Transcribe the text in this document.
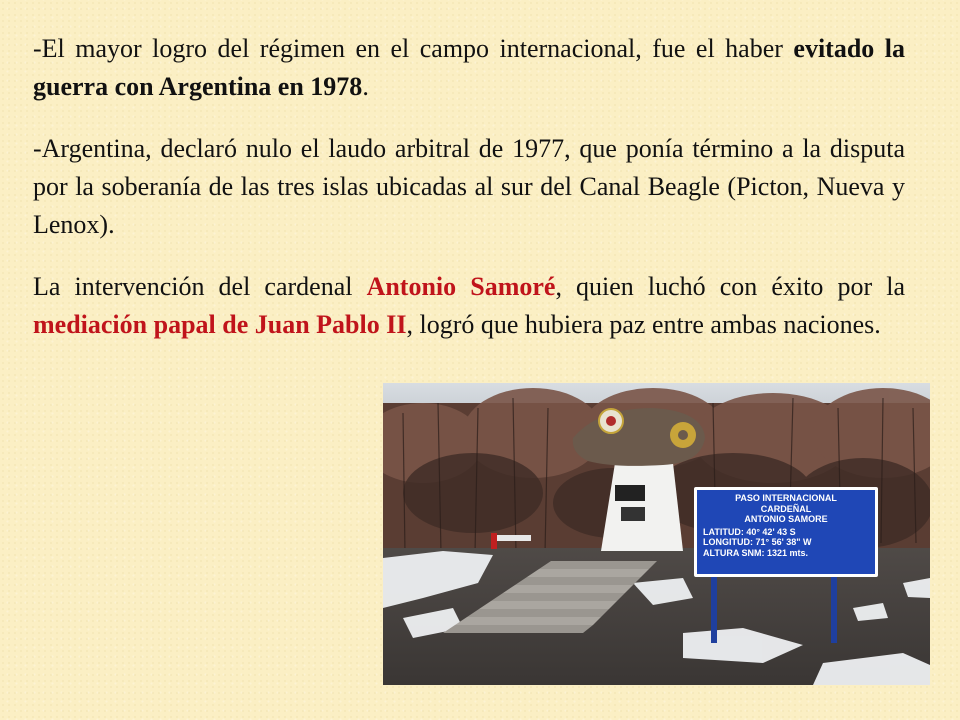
-El mayor logro del régimen en el campo internacional, fue el haber evitado la guerra con Argentina en 1978.

-Argentina, declaró nulo el laudo arbitral de 1977, que ponía término a la disputa por la soberanía de las tres islas ubicadas al sur del Canal Beagle (Picton, Nueva y Lenox).

La intervención del cardenal Antonio Samoré, quien luchó con éxito por la mediación papal de Juan Pablo II, logró que hubiera paz entre ambas naciones.

PASO INTERNACIONAL
CARDEÑAL
ANTONIO SAMORE
LATITUD: 40° 42' 43 S
LONGITUD: 71° 56' 38" W
ALTURA SNM: 1321 mts.
